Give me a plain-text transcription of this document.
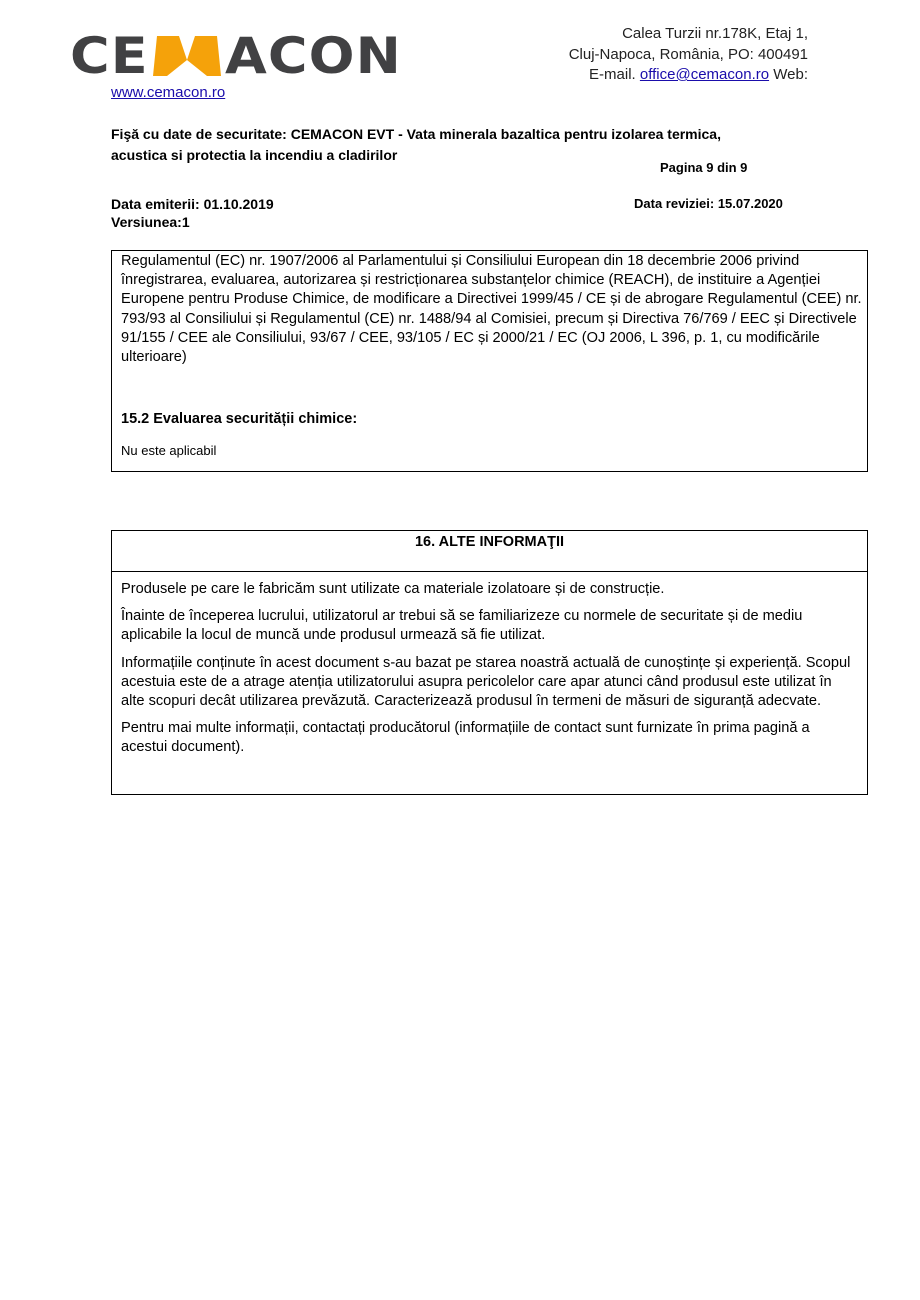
CE ACON
www.cemacon.ro
Calea Turzii nr.178K, Etaj 1,
Cluj-Napoca, România, PO: 400491
E-mail. office@cemacon.ro Web:
Fişă cu date de securitate: CEMACON EVT - Vata minerala bazaltica pentru izolarea termica,
acustica si protectia la incendiu a cladirilor
Pagina 9 din 9
Data emiterii: 01.10.2019
Versiunea:1
Data reviziei: 15.07.2020
Regulamentul (EC) nr. 1907/2006 al Parlamentului și Consiliului European din 18 decembrie 2006 privind înregistrarea, evaluarea, autorizarea și restricționarea substanțelor chimice (REACH), de instituire a Agenției Europene pentru Produse Chimice, de modificare a Directivei 1999/45 / CE și de abrogare Regulamentul (CEE) nr. 793/93 al Consiliului și Regulamentul (CE) nr. 1488/94 al Comisiei, precum și Directiva 76/769 / EEC și Directivele 91/155 / CEE ale Consiliului, 93/67 / CEE, 93/105 / EC și 2000/21 / EC (OJ 2006, L 396, p. 1, cu modificările ulterioare)
15.2 Evaluarea securității chimice:
Nu este aplicabil
16. ALTE INFORMAŢII
Produsele pe care le fabricăm sunt utilizate ca materiale izolatoare și de construcție.
Înainte de începerea lucrului, utilizatorul ar trebui să se familiarizeze cu normele de securitate și de mediu aplicabile la locul de muncă unde produsul urmează să fie utilizat.
Informațiile conținute în acest document s-au bazat pe starea noastră actuală de cunoștințe și experiență. Scopul acestuia este de a atrage atenția utilizatorului asupra pericolelor care apar atunci când produsul este utilizat în alte scopuri decât utilizarea prevăzută. Caracterizează produsul în termeni de măsuri de siguranță adecvate.
Pentru mai multe informații, contactați producătorul (informațiile de contact sunt furnizate în prima pagină a acestui document).
